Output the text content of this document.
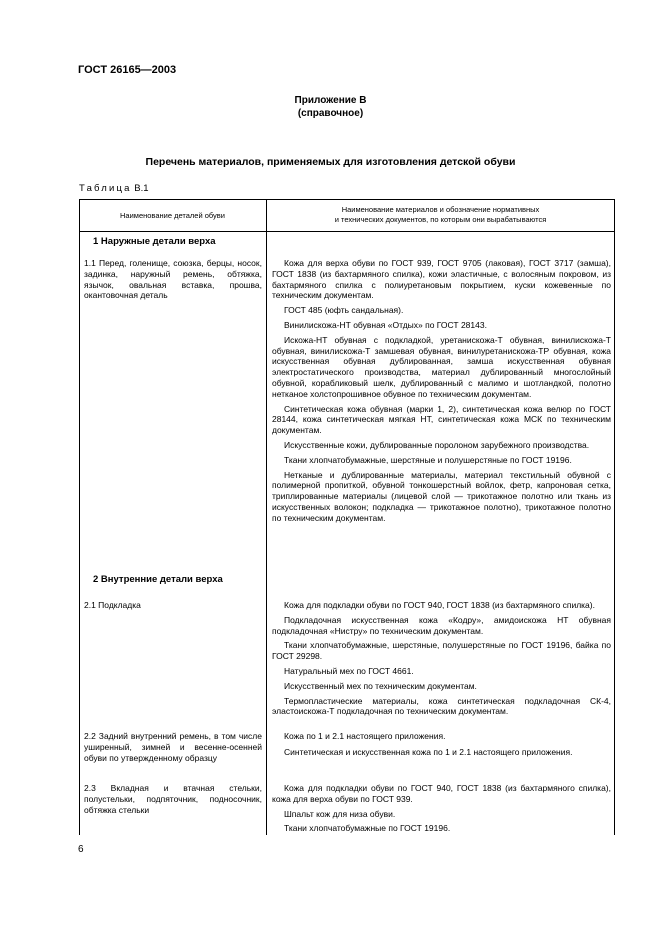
ГОСТ 26165—2003
Приложение В
(справочное)
Перечень материалов, применяемых для изготовления детской обуви
Таблица В.1
Наименование деталей обуви
Наименование материалов и обозначение нормативных
и технических документов, по которым они вырабатываются
1 Наружные детали верха
1.1 Перед, голенище, союзка, берцы, носок, задинка, наружный ремень, обтяжка, язычок, овальная вставка, прошва, окантовочная деталь

Кожа для верха обуви по ГОСТ 939, ГОСТ 9705 (лаковая), ГОСТ 3717 (замша), ГОСТ 1838 (из бахтармяного спилка), кожи эластичные, с волосяным покровом, из бахтармяного спилка с полиуретановым покрытием, куски кожевенные по техническим документам.

ГОСТ 485 (юфть сандальная).

Винилискожа-НТ обувная «Отдых» по ГОСТ 28143.

Искожа-НТ обувная с подкладкой, уретанискожа-Т обувная, винилискожа-Т обувная, винилискожа-Т замшевая обувная, винилуретанискожа-ТР обувная, кожа искусственная обувная дублированная, замша искусственная обувная электростатического производства, материал дублированный многослойный обувной, корабликовый шелк, дублированный с малимо и шотландкой, полотно нетканое холстопрошивное обувное по техническим документам.

Синтетическая кожа обувная (марки 1, 2), синтетическая кожа велюр по ГОСТ 28144, кожа синтетическая мягкая НТ, синтетическая кожа МСК по техническим документам.

Искусственные кожи, дублированные поролоном зарубежного производства.

Ткани хлопчатобумажные, шерстяные и полушерстяные по ГОСТ 19196.

Нетканые и дублированные материалы, материал текстильный обувной с полимерной пропиткой, обувной тонкошерстный войлок, фетр, капроновая сетка, триплированные материалы (лицевой слой — трикотажное полотно или ткань из искусственных волокон; подкладка — трикотажное полотно), трикотажное полотно по техническим документам.

2 Внутренние детали верха
2.1 Подкладка	Кожа для подкладки обуви по ГОСТ 940, ГОСТ 1838 (из бахтармяного спилка).

Подкладочная искусственная кожа «Кодру», амидоискожа НТ обувная подкладочная «Нистру» по техническим документам.

Ткани хлопчатобумажные, шерстяные, полушерстяные по ГОСТ 19196, байка по ГОСТ 29298.

Натуральный мех по ГОСТ 4661.

Искусственный мех по техническим документам.

Термопластические материалы, кожа синтетическая подкладочная СК-4, эластоискожа-Т подкладочная по техническим документам.

2.2 Задний внутренний ремень, в том числе уширенный, зимней и весенне-осенней обуви по утвержденному образцу

Кожа по 1 и 2.1 настоящего приложения.

Синтетическая и искусственная кожа по 1 и 2.1 настоящего приложения.

2.3 Вкладная и втачная стельки, полустельки, подпяточник, подносочник, обтяжка стельки

Кожа для подкладки обуви по ГОСТ 940, ГОСТ 1838 (из бахтармяного спилка), кожа для верха обуви по ГОСТ 939.

Шпальт кож для низа обуви.

Ткани хлопчатобумажные по ГОСТ 19196.

6
